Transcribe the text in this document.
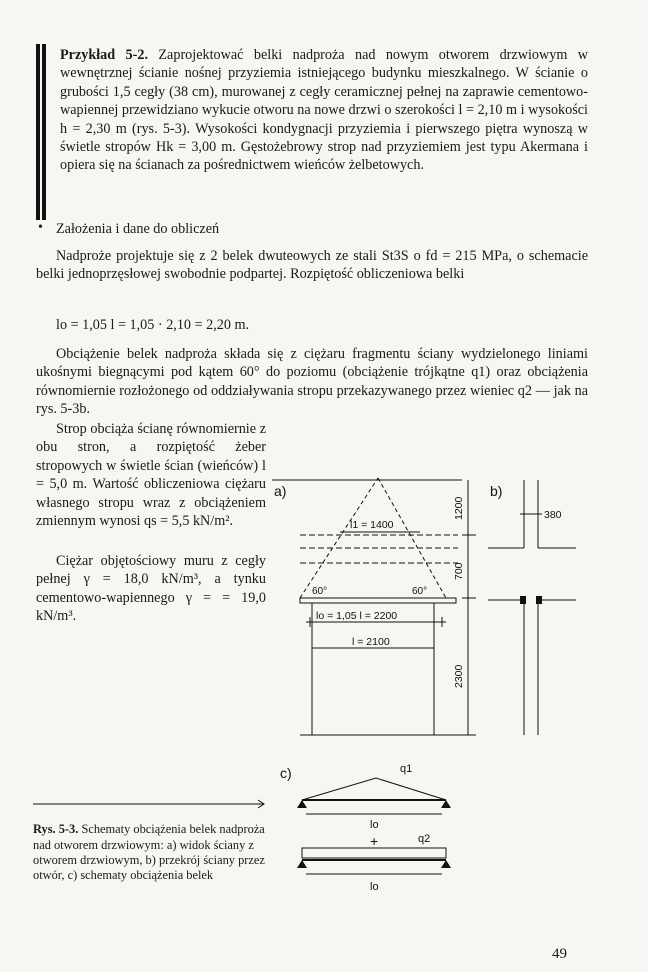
Przykład 5-2. Zaprojektować belki nadproża nad nowym otworem drzwiowym w wewnętrznej ścianie nośnej przyziemia istniejącego budynku mieszkalnego. W ścianie o grubości 1,5 cegły (38 cm), murowanej z cegły ceramicznej pełnej na zaprawie cementowo-wapiennej przewidziano wykucie otworu na nowe drzwi o szerokości l = 2,10 m i wysokości h = 2,30 m (rys. 5-3). Wysokości kondygnacji przyziemia i pierwszego piętra wynoszą w świetle stropów Hk = 3,00 m. Gęstożebrowy strop nad przyziemiem jest typu Akermana i opiera się na ścianach za pośrednictwem wieńców żelbetowych.

• Założenia i dane do obliczeń

Nadproże projektuje się z 2 belek dwuteowych ze stali St3S o fd = 215 MPa, o schemacie belki jednoprzęsłowej swobodnie podpartej. Rozpiętość obliczeniowa belki

lo = 1,05 l = 1,05 · 2,10 = 2,20 m.

Obciążenie belek nadproża składa się z ciężaru fragmentu ściany wydzielonego liniami ukośnymi biegnącymi pod kątem 60° do poziomu (obciążenie trójkątne q1) oraz obciążenia równomiernie rozłożonego od oddziaływania stropu przekazywanego przez wieniec q2 — jak na rys. 5-3b.

Strop obciąża ścianę równomiernie z obu stron, a rozpiętość żeber stropowych w świetle ścian (wieńców) l = 5,0 m. Wartość obliczeniowa ciężaru własnego stropu wraz z obciążeniem zmiennym wynosi qs = 5,5 kN/m².

Ciężar objętościowy muru z cegły pełnej γ = 18,0 kN/m³, a tynku cementowo-wapiennego γ = = 19,0 kN/m³.

a)	b)
c)
l1 = 1400
lo = 1,05 l = 2200
l = 2100
60°	60°
1200
700
2300
380
q1
q2
lo
lo
+

Rys. 5-3. Schematy obciążenia belek nadproża nad otworem drzwiowym: a) widok ściany z otworem drzwiowym, b) przekrój ściany przez otwór, c) schematy obciążenia belek

49
